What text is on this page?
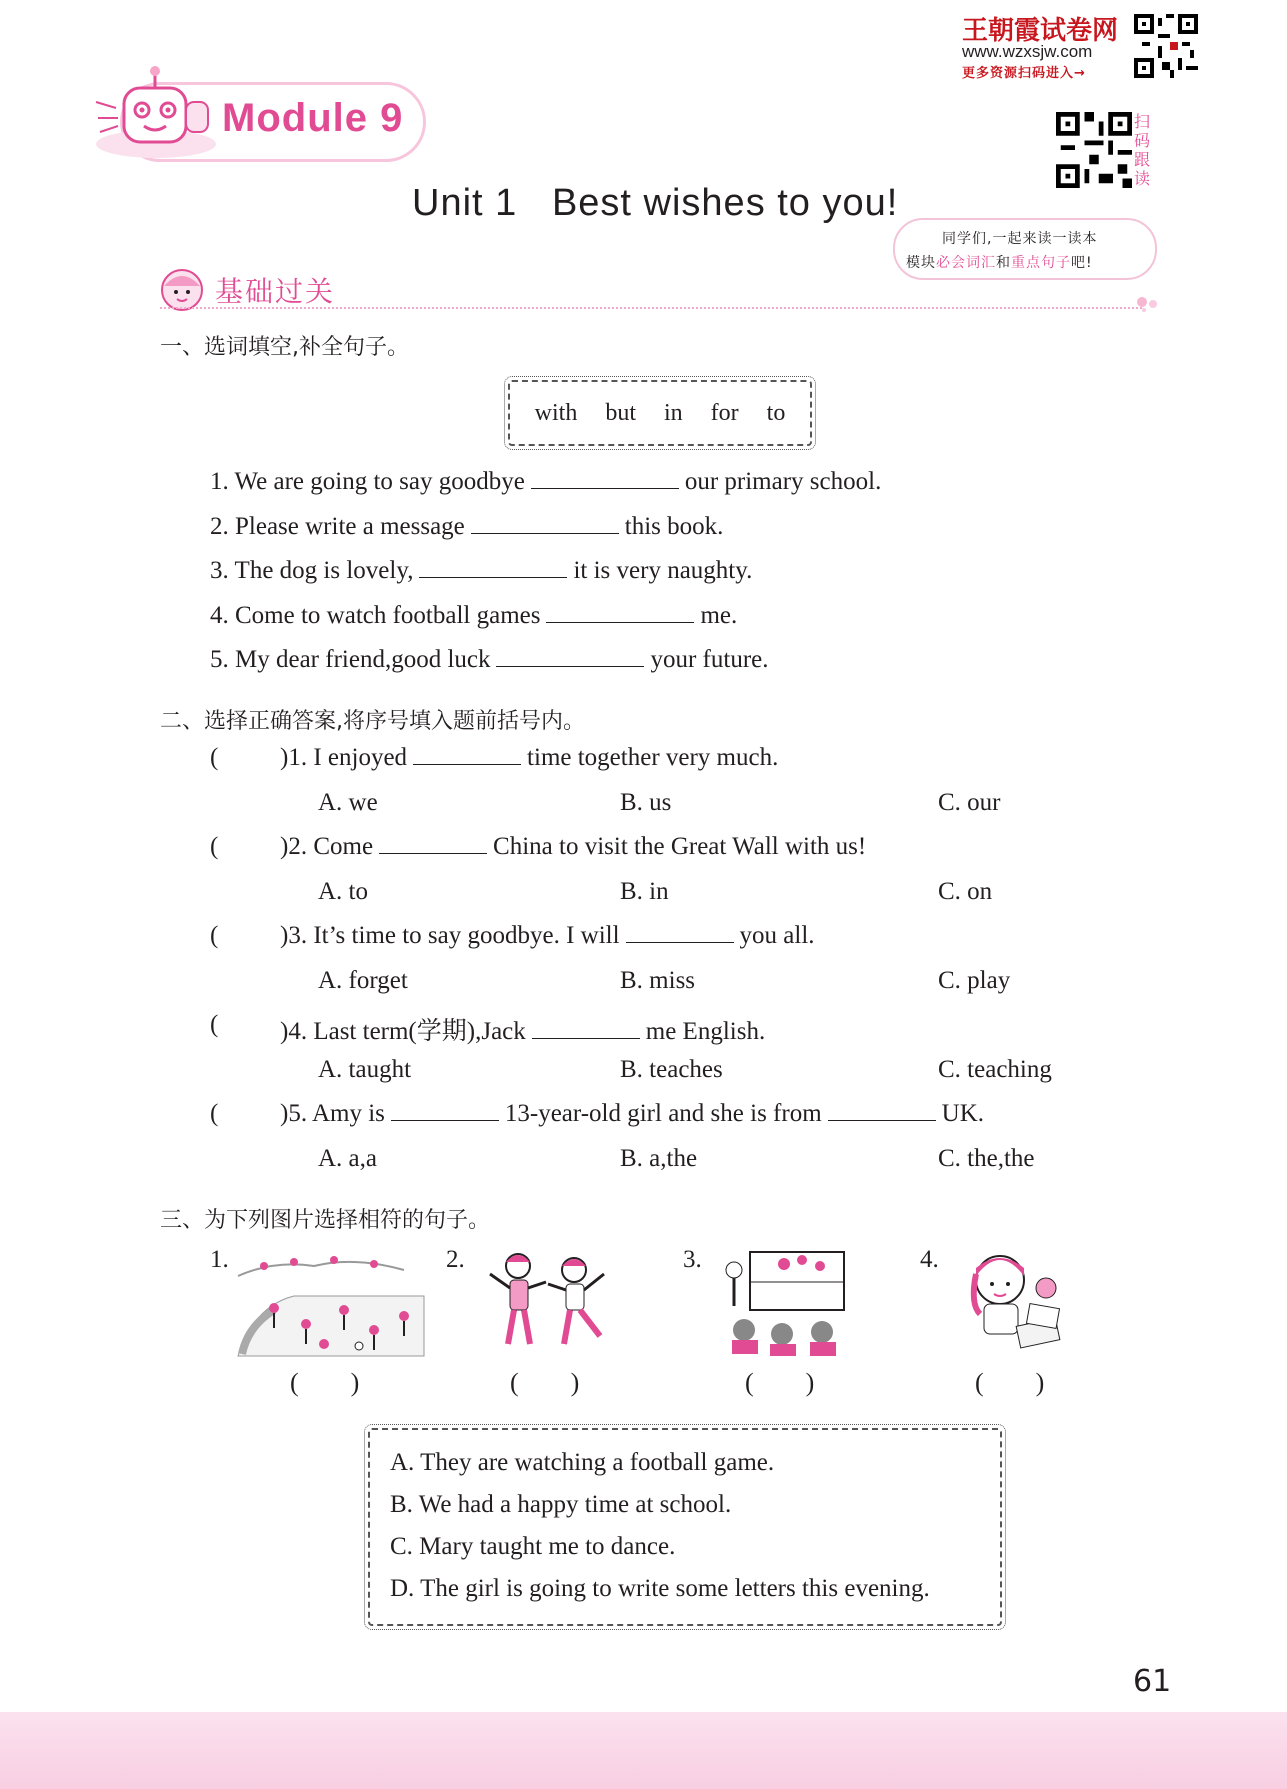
Module 9
王朝霞试卷网
www.wzxsjw.com
更多资源扫码进入→
扫码跟读
同学们,一起来读一读本
模块必会词汇和重点句子吧!
Unit 1   Best wishes to you!
基础过关
一、选词填空,补全句子。
with but in for to
1. We are going to say goodbye	our primary school.
2. Please write a message	this book.
3. The dog is lovely,	it is very naughty.
4. Come to watch football games	me.
5. My dear friend,good luck	your future.
二、选择正确答案,将序号填入题前括号内。
( )1. I enjoyed	time together very much.
A. we	B. us	C. our
( )2. Come	China to visit the Great Wall with us!
A. to	B. in	C. on
( )3. It’s time to say goodbye. I will	you all.
A. forget	B. miss	C. play
( )4. Last term(学期),Jack	me English.
A. taught	B. teaches	C. teaching
( )5. Amy is	13-year-old girl and she is from	UK.
A. a,a	B. a,the	C. the,the
三、为下列图片选择相符的句子。
1.	2.	3.	4.
(        )	(        )	(        )	(        )
A. They are watching a football game.
B. We had a happy time at school.
C. Mary taught me to dance.
D. The girl is going to write some letters this evening.
61
